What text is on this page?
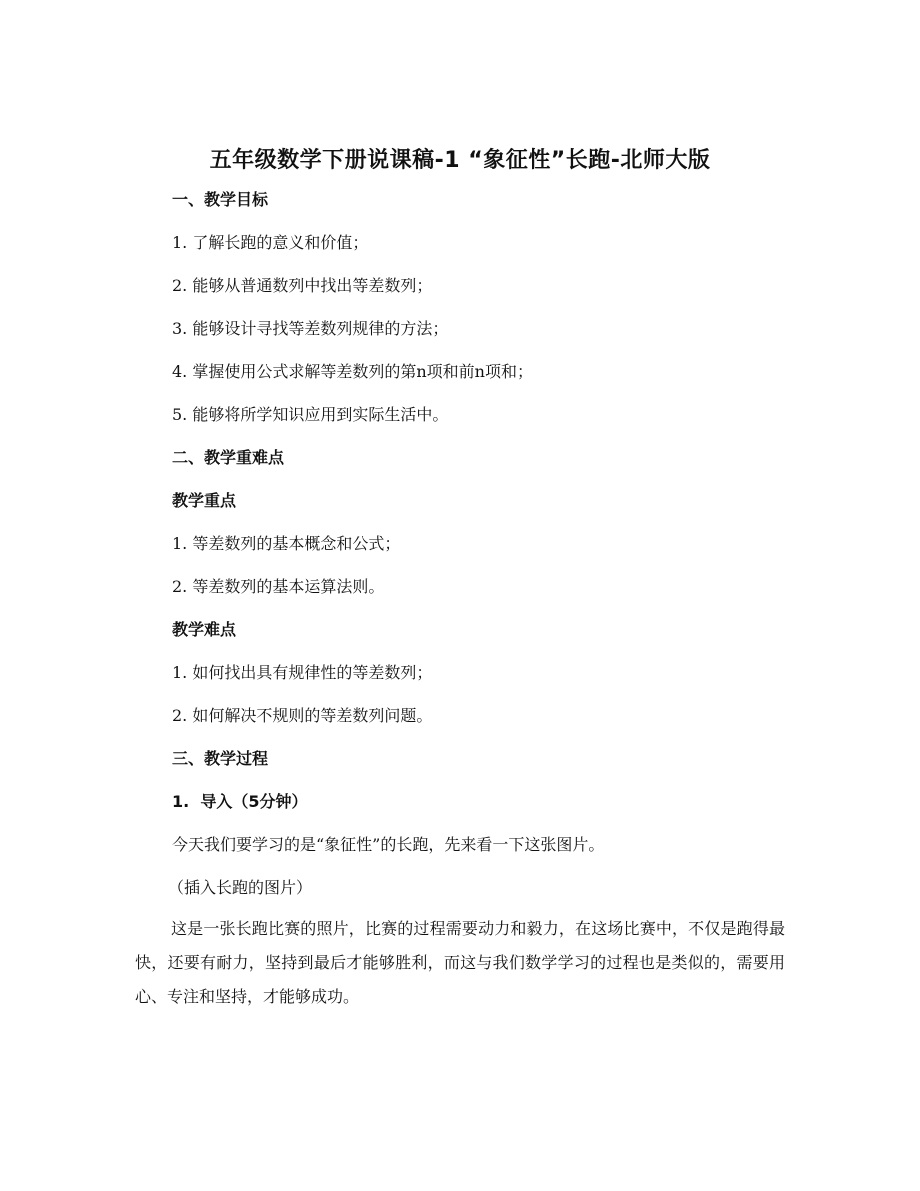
五年级数学下册说课稿-1 “象征性”长跑-北师大版
一、教学目标
1. 了解长跑的意义和价值；
2. 能够从普通数列中找出等差数列；
3. 能够设计寻找等差数列规律的方法；
4. 掌握使用公式求解等差数列的第n项和前n项和；
5. 能够将所学知识应用到实际生活中。
二、教学重难点
教学重点
1. 等差数列的基本概念和公式；
2. 等差数列的基本运算法则。
教学难点
1. 如何找出具有规律性的等差数列；
2. 如何解决不规则的等差数列问题。
三、教学过程
1.  导入（5分钟）
今天我们要学习的是“象征性”的长跑，先来看一下这张图片。
（插入长跑的图片）
这是一张长跑比赛的照片，比赛的过程需要动力和毅力，在这场比赛中，不仅是跑得最快，还要有耐力，坚持到最后才能够胜利，而这与我们数学学习的过程也是类似的，需要用心、专注和坚持，才能够成功。
